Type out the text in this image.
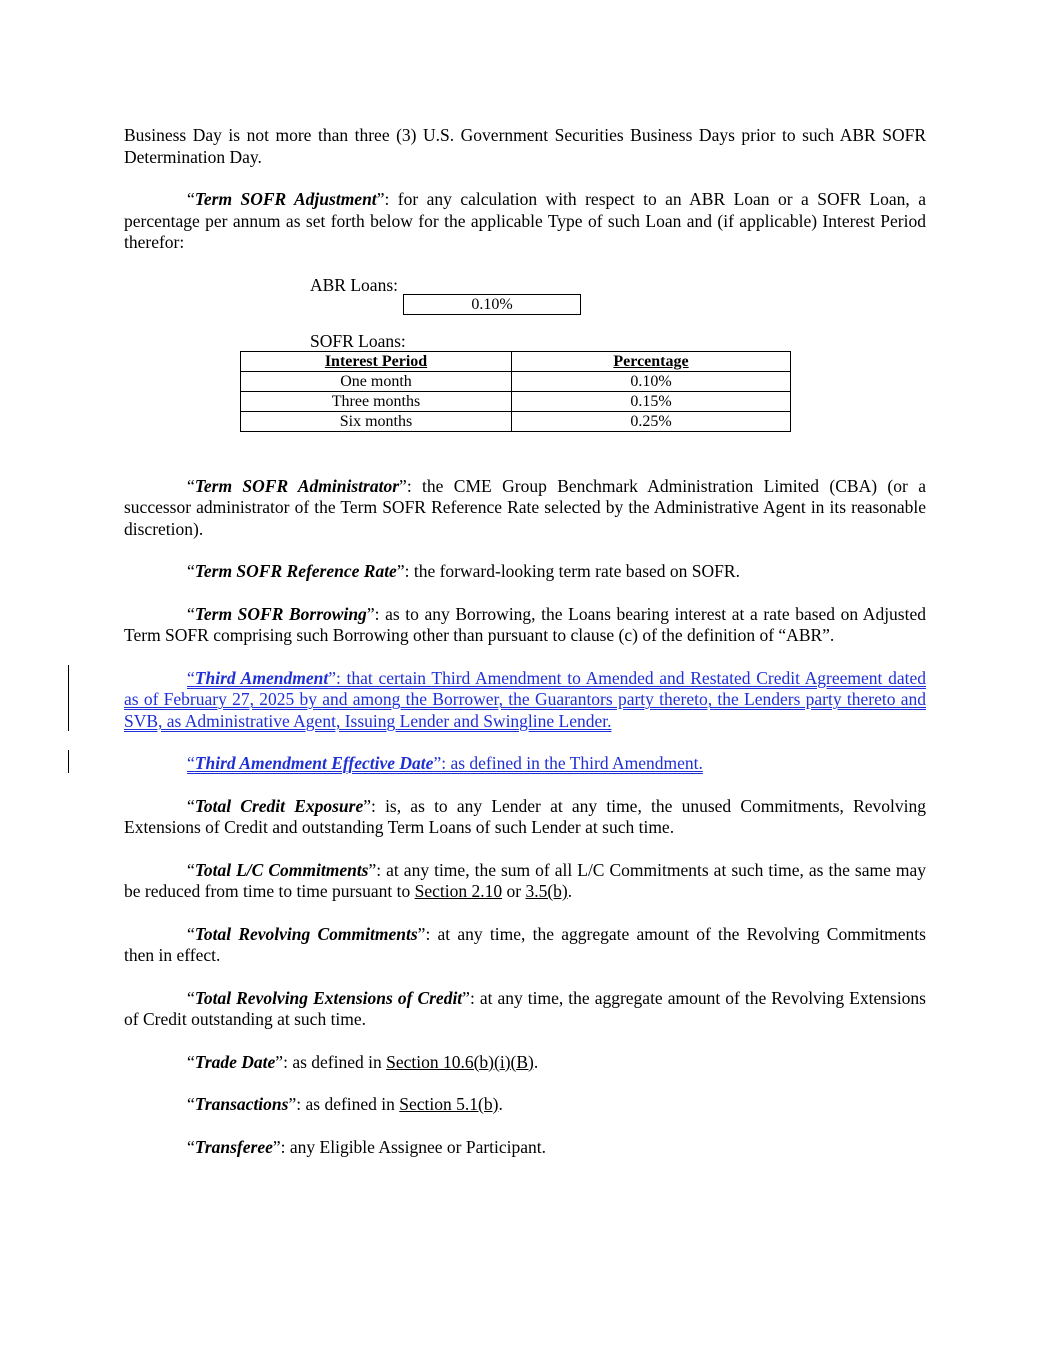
Business Day is not more than three (3) U.S. Government Securities Business Days prior to such ABR SOFR Determination Day.

“Term SOFR Adjustment”: for any calculation with respect to an ABR Loan or a SOFR Loan, a percentage per annum as set forth below for the applicable Type of such Loan and (if applicable) Interest Period therefor:

ABR Loans:
0.10%
SOFR Loans:
Interest Period	Percentage
One month	0.10%
Three months	0.15%
Six months	0.25%

“Term SOFR Administrator”: the CME Group Benchmark Administration Limited (CBA) (or a successor administrator of the Term SOFR Reference Rate selected by the Administrative Agent in its reasonable discretion).

“Term SOFR Reference Rate”: the forward-looking term rate based on SOFR.

“Term SOFR Borrowing”: as to any Borrowing, the Loans bearing interest at a rate based on Adjusted Term SOFR comprising such Borrowing other than pursuant to clause (c) of the definition of “ABR”.

“Third Amendment”: that certain Third Amendment to Amended and Restated Credit Agreement dated as of February 27, 2025 by and among the Borrower, the Guarantors party thereto, the Lenders party thereto and SVB, as Administrative Agent, Issuing Lender and Swingline Lender.

“Third Amendment Effective Date”: as defined in the Third Amendment.

“Total Credit Exposure”: is, as to any Lender at any time, the unused Commitments, Revolving Extensions of Credit and outstanding Term Loans of such Lender at such time.

“Total L/C Commitments”: at any time, the sum of all L/C Commitments at such time, as the same may be reduced from time to time pursuant to Section 2.10 or 3.5(b).

“Total Revolving Commitments”: at any time, the aggregate amount of the Revolving Commitments then in effect.

“Total Revolving Extensions of Credit”: at any time, the aggregate amount of the Revolving Extensions of Credit outstanding at such time.

“Trade Date”: as defined in Section 10.6(b)(i)(B).

“Transactions”: as defined in Section 5.1(b).

“Transferee”: any Eligible Assignee or Participant.
